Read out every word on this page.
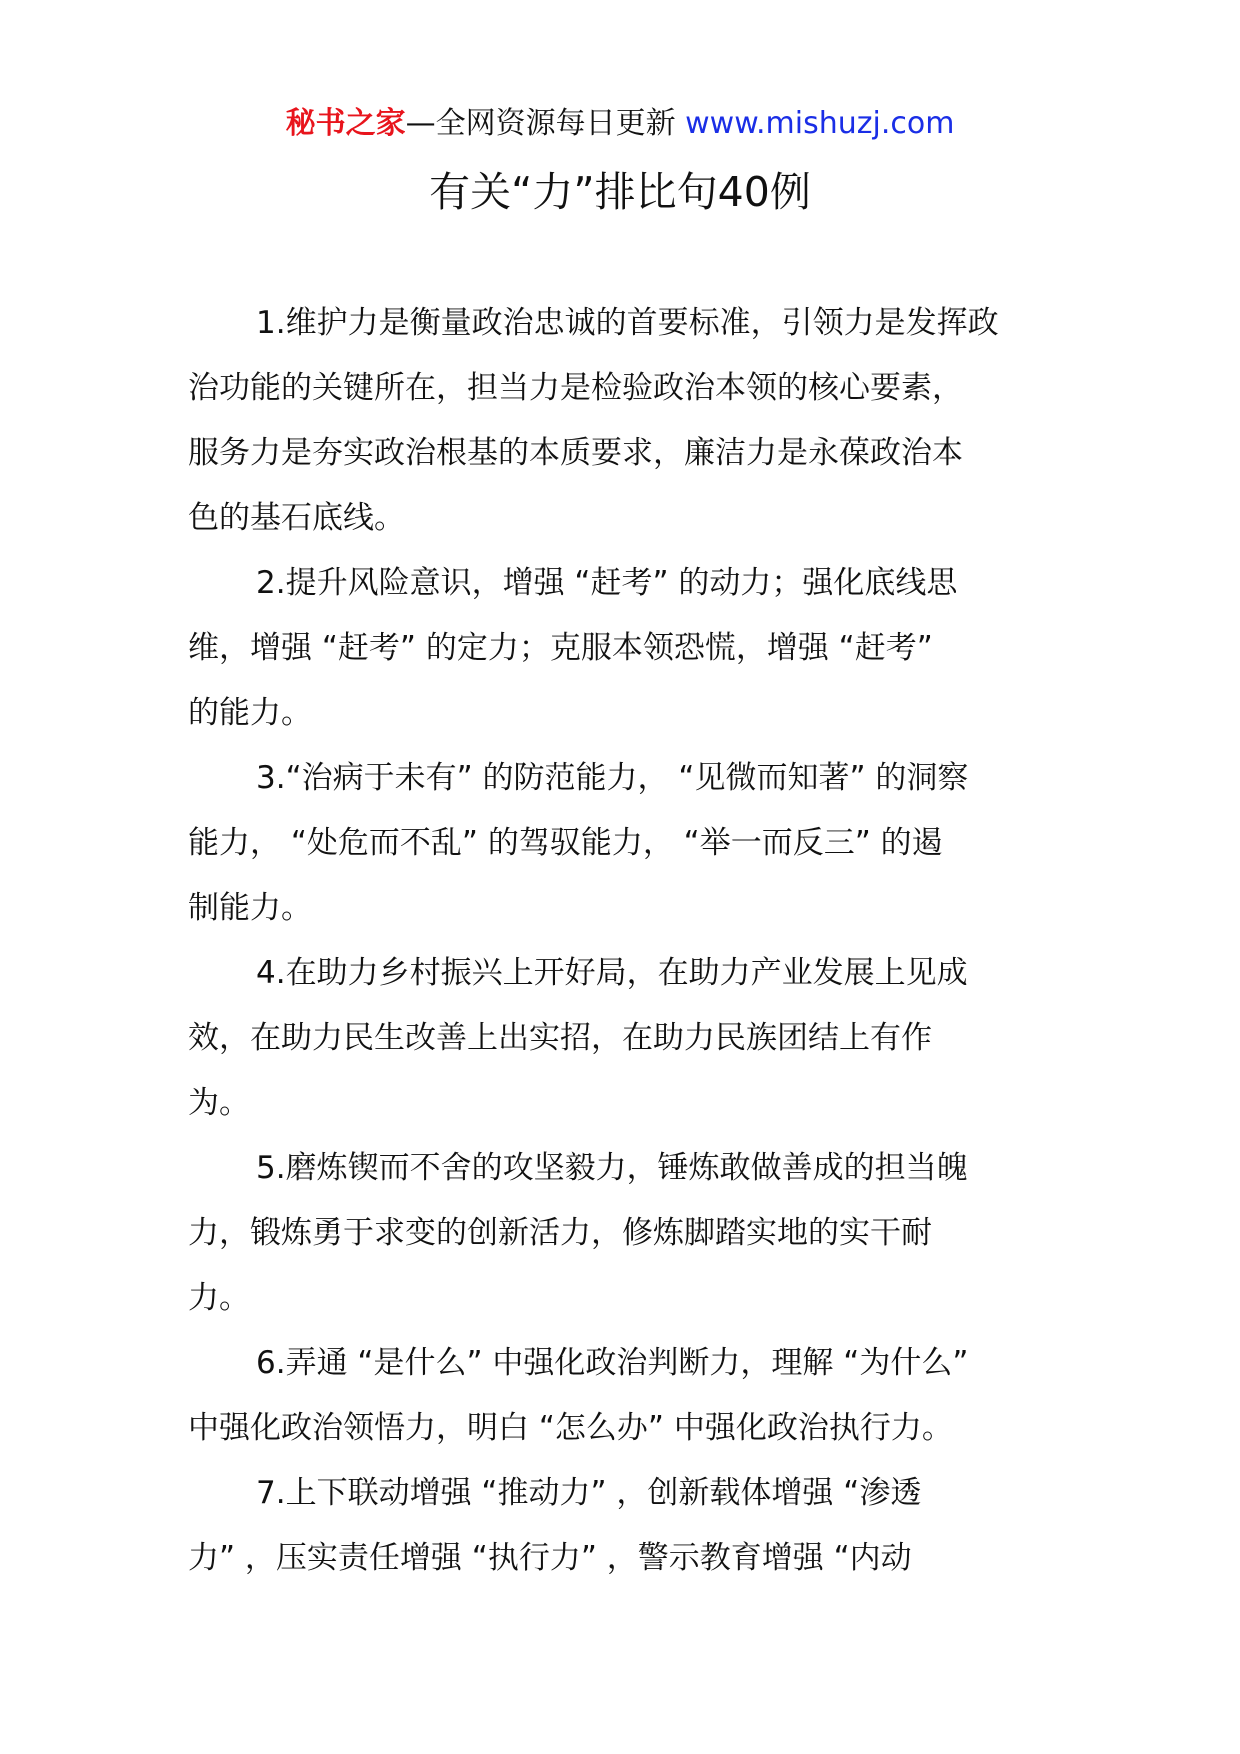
秘书之家—全网资源每日更新 www.mishuzj.com
有关“力”排比句40例

1.维护力是衡量政治忠诚的首要标准，引领力是发挥政
治功能的关键所在，担当力是检验政治本领的核心要素，
服务力是夯实政治根基的本质要求，廉洁力是永葆政治本
色的基石底线。

2.提升风险意识，增强 “赶考” 的动力；强化底线思
维，增强 “赶考” 的定力；克服本领恐慌，增强 “赶考”
的能力。

3.“治病于未有” 的防范能力， “见微而知著” 的洞察
能力， “处危而不乱” 的驾驭能力， “举一而反三” 的遏
制能力。

4.在助力乡村振兴上开好局，在助力产业发展上见成
效，在助力民生改善上出实招，在助力民族团结上有作
为。

5.磨炼锲而不舍的攻坚毅力，锤炼敢做善成的担当魄
力，锻炼勇于求变的创新活力，修炼脚踏实地的实干耐
力。

6.弄通 “是什么” 中强化政治判断力，理解 “为什么”
中强化政治领悟力，明白 “怎么办” 中强化政治执行力。

7.上下联动增强 “推动力” ，创新载体增强 “渗透
力” ，压实责任增强 “执行力” ，警示教育增强 “内动
